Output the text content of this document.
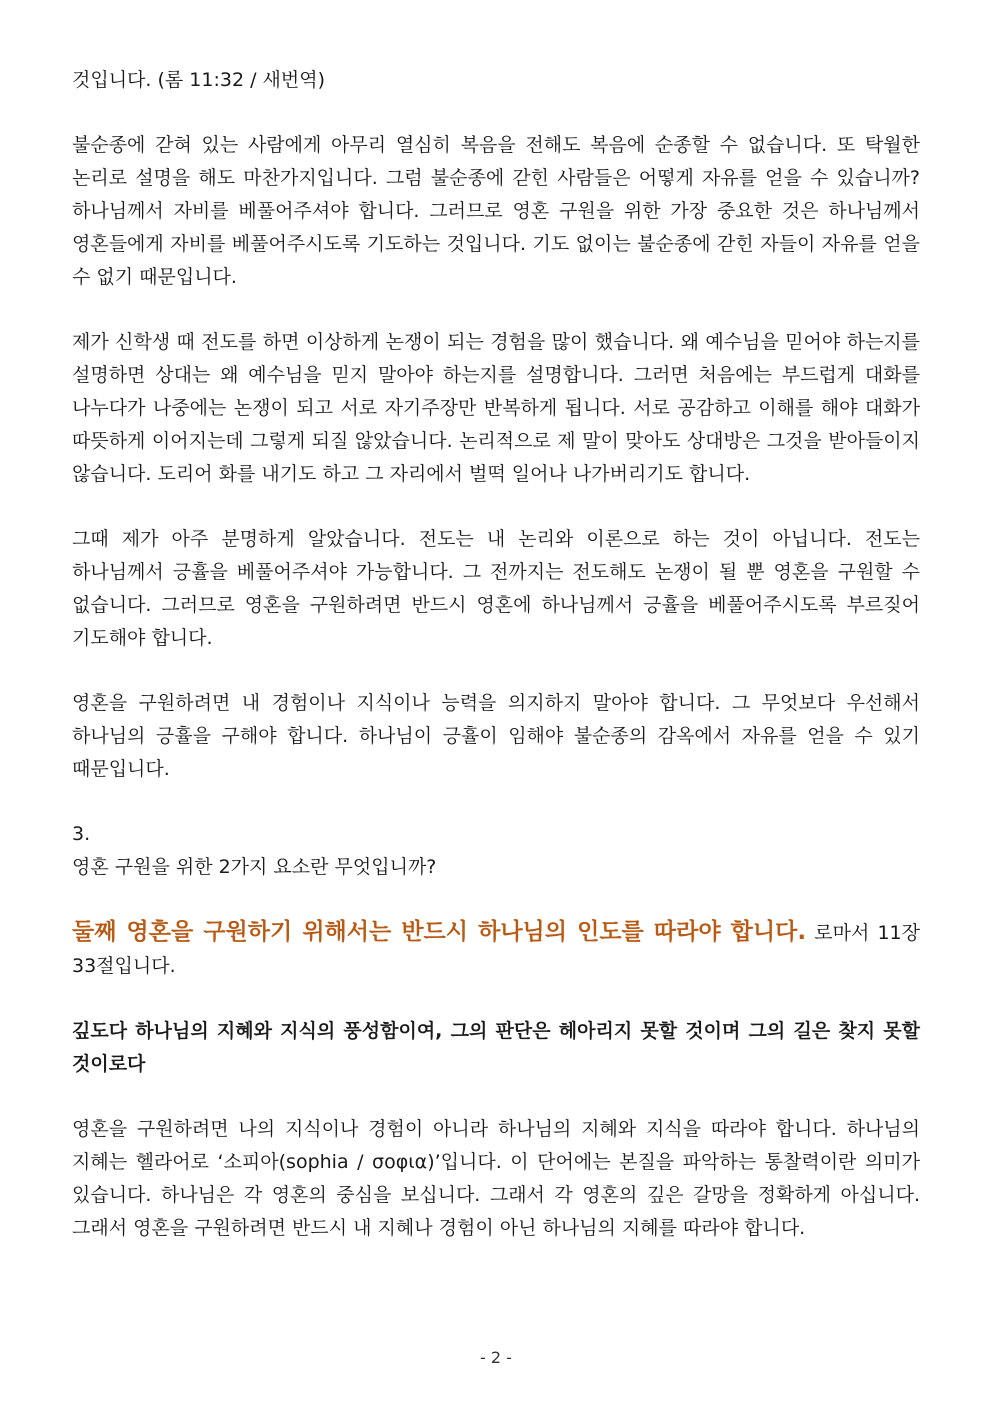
것입니다. (롬 11:32 / 새번역)

불순종에 갇혀 있는 사람에게 아무리 열심히 복음을 전해도 복음에 순종할 수 없습니다. 또 탁월한 논리로 설명을 해도 마찬가지입니다. 그럼 불순종에 갇힌 사람들은 어떻게 자유를 얻을 수 있습니까? 하나님께서 자비를 베풀어주셔야 합니다. 그러므로 영혼 구원을 위한 가장 중요한 것은 하나님께서 영혼들에게 자비를 베풀어주시도록 기도하는 것입니다. 기도 없이는 불순종에 갇힌 자들이 자유를 얻을 수 없기 때문입니다.

제가 신학생 때 전도를 하면 이상하게 논쟁이 되는 경험을 많이 했습니다. 왜 예수님을 믿어야 하는지를 설명하면 상대는 왜 예수님을 믿지 말아야 하는지를 설명합니다. 그러면 처음에는 부드럽게 대화를 나누다가 나중에는 논쟁이 되고 서로 자기주장만 반복하게 됩니다. 서로 공감하고 이해를 해야 대화가 따뜻하게 이어지는데 그렇게 되질 않았습니다. 논리적으로 제 말이 맞아도 상대방은 그것을 받아들이지 않습니다. 도리어 화를 내기도 하고 그 자리에서 벌떡 일어나 나가버리기도 합니다.

그때 제가 아주 분명하게 알았습니다. 전도는 내 논리와 이론으로 하는 것이 아닙니다. 전도는 하나님께서 긍휼을 베풀어주셔야 가능합니다. 그 전까지는 전도해도 논쟁이 될 뿐 영혼을 구원할 수 없습니다. 그러므로 영혼을 구원하려면 반드시 영혼에 하나님께서 긍휼을 베풀어주시도록 부르짖어 기도해야 합니다.

영혼을 구원하려면 내 경험이나 지식이나 능력을 의지하지 말아야 합니다. 그 무엇보다 우선해서 하나님의 긍휼을 구해야 합니다. 하나님이 긍휼이 임해야 불순종의 감옥에서 자유를 얻을 수 있기 때문입니다.

3.

영혼 구원을 위한 2가지 요소란 무엇입니까?

둘째 영혼을 구원하기 위해서는 반드시 하나님의 인도를 따라야 합니다. 로마서 11장 33절입니다.

깊도다 하나님의 지혜와 지식의 풍성함이여, 그의 판단은 헤아리지 못할 것이며 그의 길은 찾지 못할 것이로다

영혼을 구원하려면 나의 지식이나 경험이 아니라 하나님의 지혜와 지식을 따라야 합니다. 하나님의 지혜는 헬라어로 ‘소피아(sophia / σοφια)’입니다. 이 단어에는 본질을 파악하는 통찰력이란 의미가 있습니다. 하나님은 각 영혼의 중심을 보십니다. 그래서 각 영혼의 깊은 갈망을 정확하게 아십니다. 그래서 영혼을 구원하려면 반드시 내 지혜나 경험이 아닌 하나님의 지혜를 따라야 합니다.

- 2 -
